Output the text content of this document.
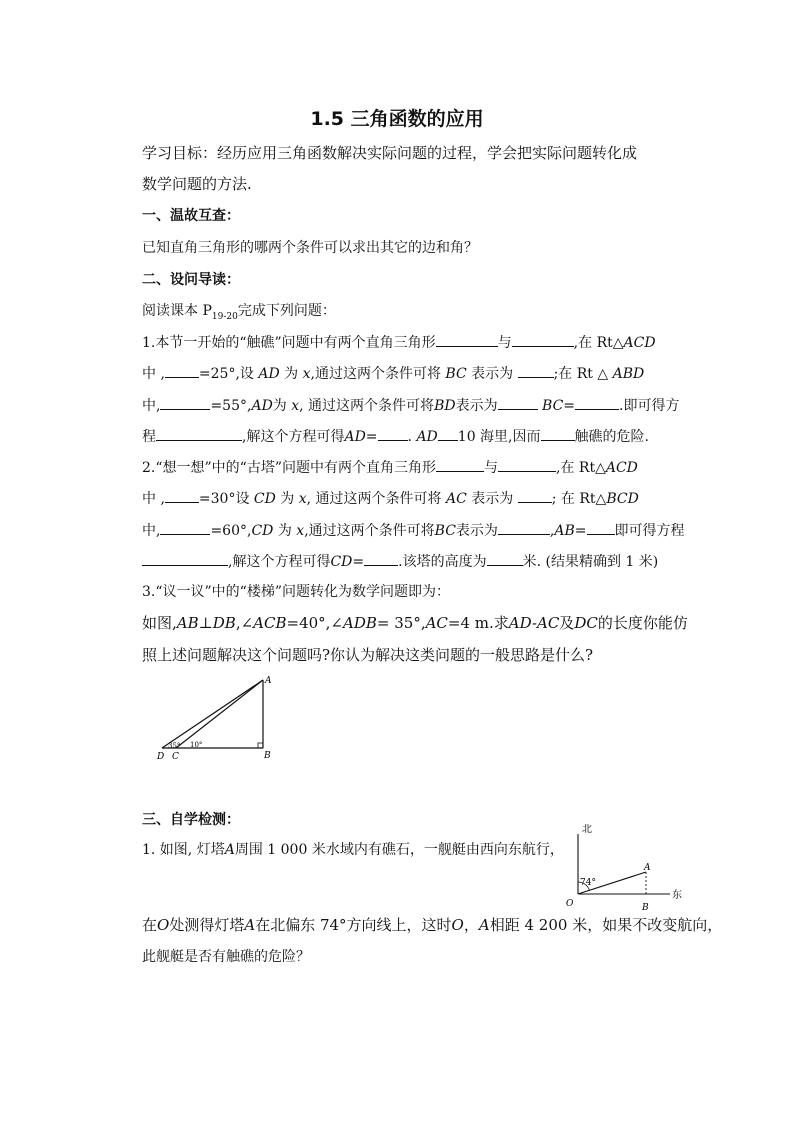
1.5 三角函数的应用
学习目标：经历应用三角函数解决实际问题的过程，学会把实际问题转化成
数学问题的方法.
一、温故互查：
已知直角三角形的哪两个条件可以求出其它的边和角？
二、设问导读：
阅读课本 $P_{19-20}$完成下列问题：
1.本节一开始的“触礁”问题中有两个直角三角形	与	,在 Rt△ACD
中 , =25°,设 AD 为 x,通过这两个条件可将 BC 表示为	;在 Rt △ ABD
中,	=55°,AD为 x, 通过这两个条件可将BD表示为	BC=	.即可得方
程	,解这个方程可得AD= . AD 10 海里,因而 触礁的危险.
2.“想一想”中的“古塔”问题中有两个直角三角形	与	,在 Rt△ACD
中 , =30°设 CD 为 x, 通过这两个条件可将 AC 表示为	; 在 Rt△BCD
中,	=60°,CD 为 x,通过这两个条件可将BC表示为	,AB= 即可得方程
,解这个方程可得CD= .该塔的高度为	米. (结果精确到 1 米)
3.“议一议”中的“楼梯”问题转化为数学问题即为：
如图,AB⊥DB,∠ACB=40°,∠ADB= 35°,AC=4 m.求AD-AC及DC的长度你能仿
照上述问题解决这个问题吗?你认为解决这类问题的一般思路是什么?
A
B
C
D
35° 10°
三、自学检测：
1. 如图, 灯塔A周围 1 000 米水域内有礁石，一舰艇由西向东航行，
在O处测得灯塔A在北偏东 74°方向线上，这时O，A相距 4 200 米，如果不改变航向，
此舰艇是否有触礁的危险？
北
东
O
A
B
74°
